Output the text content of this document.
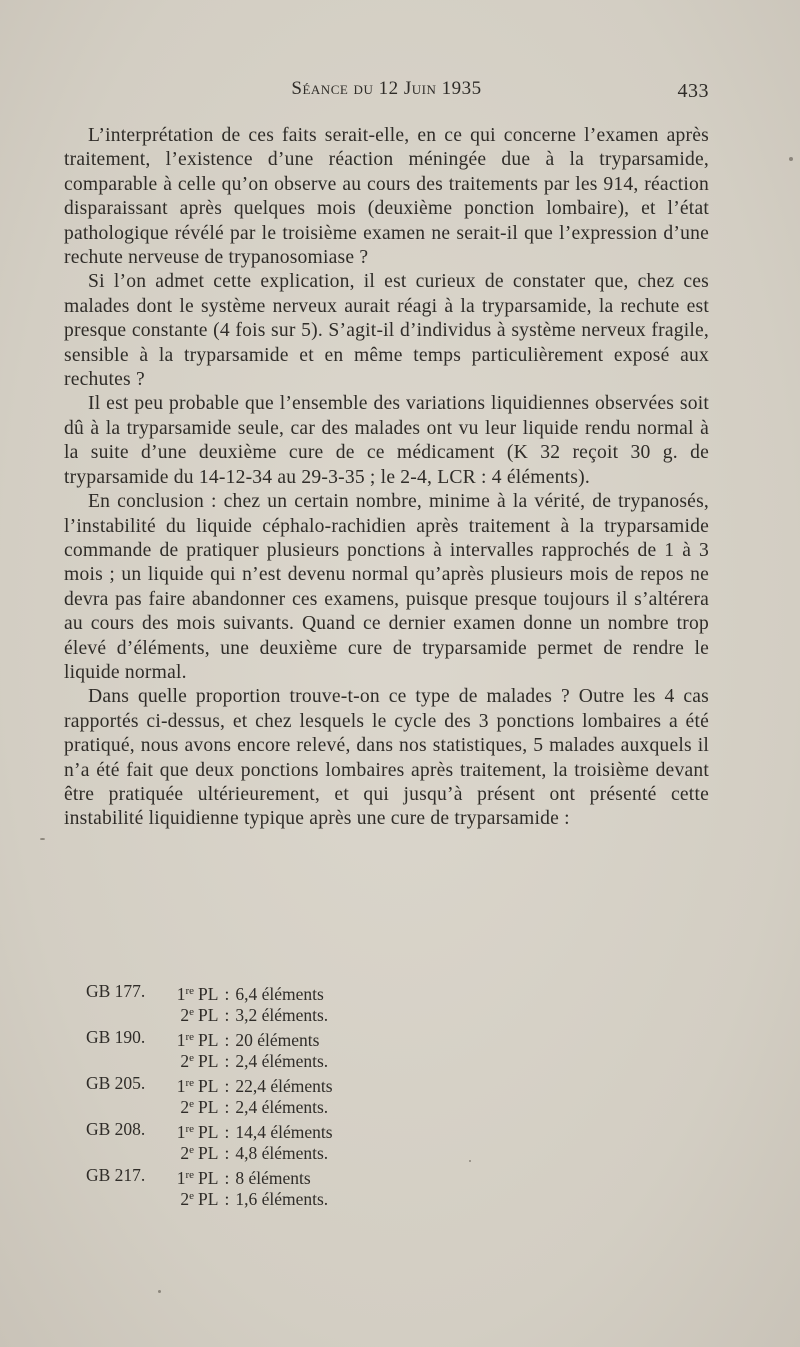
Séance du 12 Juin 1935	433

L’interprétation de ces faits serait-elle, en ce qui concerne l’examen après traitement, l’existence d’une réaction méningée due à la tryparsamide, comparable à celle qu’on observe au cours des traitements par les 914, réaction disparaissant après quelques mois (deuxième ponction lombaire), et l’état pathologique révélé par le troisième examen ne serait-il que l’expression d’une rechute nerveuse de trypanosomiase ?

Si l’on admet cette explication, il est curieux de constater que, chez ces malades dont le système nerveux aurait réagi à la tryparsamide, la rechute est presque constante (4 fois sur 5). S’agit-il d’individus à système nerveux fragile, sensible à la tryparsamide et en même temps particulièrement exposé aux rechutes ?

Il est peu probable que l’ensemble des variations liquidiennes observées soit dû à la tryparsamide seule, car des malades ont vu leur liquide rendu normal à la suite d’une deuxième cure de ce médicament (K 32 reçoit 30 g. de tryparsamide du 14-12-34 au 29-3-35 ; le 2-4, LCR : 4 éléments).

En conclusion : chez un certain nombre, minime à la vérité, de trypanosés, l’instabilité du liquide céphalo-rachidien après traitement à la tryparsamide commande de pratiquer plusieurs ponctions à intervalles rapprochés de 1 à 3 mois ; un liquide qui n’est devenu normal qu’après plusieurs mois de repos ne devra pas faire abandonner ces examens, puisque presque toujours il s’altérera au cours des mois suivants. Quand ce dernier examen donne un nombre trop élevé d’éléments, une deuxième cure de tryparsamide permet de rendre le liquide normal.

Dans quelle proportion trouve-t-on ce type de malades ? Outre les 4 cas rapportés ci-dessus, et chez lesquels le cycle des 3 ponctions lombaires a été pratiqué, nous avons encore relevé, dans nos statistiques, 5 malades auxquels il n’a été fait que deux ponctions lombaires après traitement, la troisième devant être pratiquée ultérieurement, et qui jusqu’à présent ont présenté cette instabilité liquidienne typique après une cure de tryparsamide :

GB 177.	1re PL : 6,4 éléments
2e PL : 3,2 éléments.
GB 190.	1re PL : 20 éléments
2e PL : 2,4 éléments.
GB 205.	1re PL : 22,4 éléments
2e PL : 2,4 éléments.
GB 208.	1re PL : 14,4 éléments
2e PL : 4,8 éléments.
GB 217.	1re PL : 8 éléments
2e PL : 1,6 éléments.
